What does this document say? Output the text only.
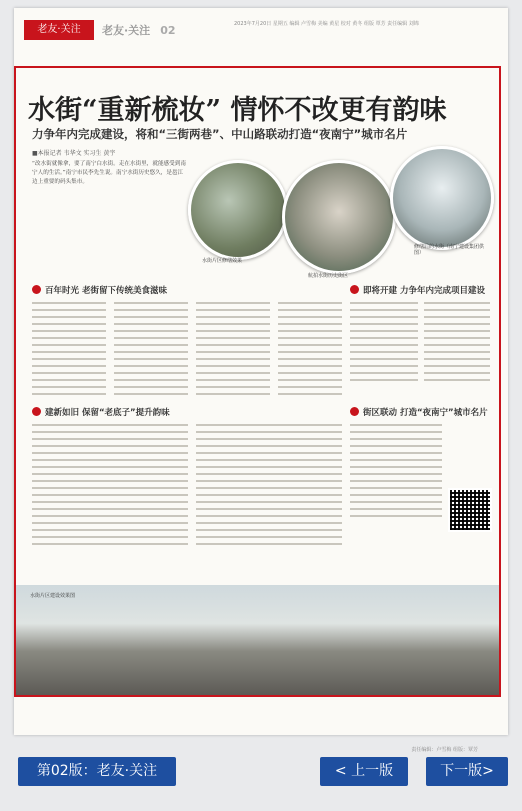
老友·关注	老友·关注 02	2023年7月20日 星期五 编辑 卢雪梅 美编 黄星 校对 黄冬 组版 覃芳 责任编辑 刘锦
责任编辑：卢雪梅 组版：覃芳
水街“重新梳妆” 情怀不改更有韵味
力争年内完成建设，将和“三街两巷”、中山路联动打造“夜南宁”城市名片
■本报记者 韦华文 实习生 黄宇
“改水街就像拿，要了南宁白水街。走在水街里，就能感受到南宁人的生活。”南宁市民李先生说。南宁水街历史悠久，是邕江边上重要的码头集市。
水街片区修缮效果
航拍水街历史街区
修缮后的水街（南宁建设集团供图）
百年时光 老街留下传统美食滋味
建新如旧 保留“老底子”提升韵味
即将开建 力争年内完成项目建设
街区联动 打造“夜南宁”城市名片
水街片区建设效果图
第02版：老友·关注	< 上一版	下一版>
